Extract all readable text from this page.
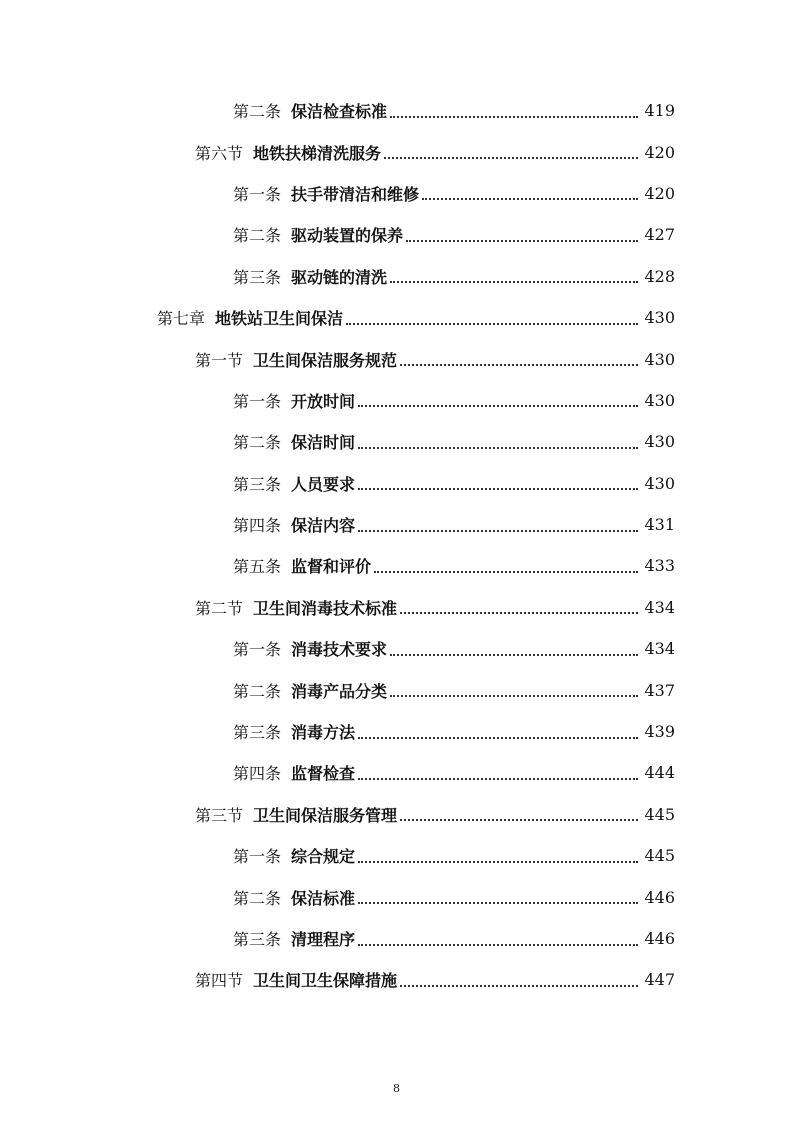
第二条 保洁检查标准	419
第六节 地铁扶梯清洗服务	420
第一条 扶手带清洁和维修	420
第二条 驱动装置的保养	427
第三条 驱动链的清洗	428
第七章 地铁站卫生间保洁	430
第一节 卫生间保洁服务规范	430
第一条 开放时间	430
第二条 保洁时间	430
第三条 人员要求	430
第四条 保洁内容	431
第五条 监督和评价	433
第二节 卫生间消毒技术标准	434
第一条 消毒技术要求	434
第二条 消毒产品分类	437
第三条 消毒方法	439
第四条 监督检查	444
第三节 卫生间保洁服务管理	445
第一条 综合规定	445
第二条 保洁标准	446
第三条 清理程序	446
第四节 卫生间卫生保障措施	447
8
